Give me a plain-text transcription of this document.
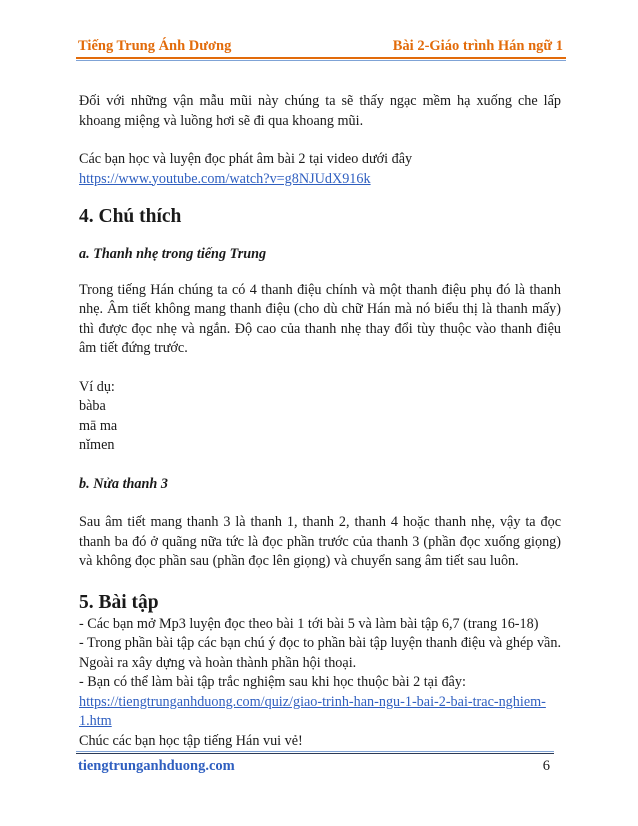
Tiếng Trung Ánh Dương	Bài 2-Giáo trình Hán ngữ 1

Đối với những vận mẫu mũi này chúng ta sẽ thấy ngạc mềm hạ xuống che lấp khoang miệng và luồng hơi sẽ đi qua khoang mũi.

Các bạn học và luyện đọc phát âm bài 2 tại video dưới đây

https://www.youtube.com/watch?v=g8NJUdX916k

4. Chú thích

a. Thanh nhẹ trong tiếng Trung

Trong tiếng Hán chúng ta có 4 thanh điệu chính và một thanh điệu phụ đó là thanh nhẹ. Âm tiết không mang thanh điệu (cho dù chữ Hán mà nó biểu thị là thanh mấy) thì được đọc nhẹ và ngắn. Độ cao của thanh nhẹ thay đổi tùy thuộc vào thanh điệu âm tiết đứng trước.

Ví dụ:

bàba

mā ma

nǐmen

b. Nửa thanh 3

Sau âm tiết mang thanh 3 là thanh 1, thanh 2, thanh 4 hoặc thanh nhẹ, vậy ta đọc thanh ba đó ở quãng nữa tức là đọc phần trước của thanh 3 (phần đọc xuống giọng) và không đọc phần sau (phần đọc lên giọng) và chuyển sang âm tiết sau luôn.

5. Bài tập

- Các bạn mở Mp3 luyện đọc theo bài 1 tới bài 5 và làm bài tập 6,7 (trang 16-18)

- Trong phần bài tập các bạn chú ý đọc to phần bài tập luyện thanh điệu và ghép vần. Ngoài ra xây dựng và hoàn thành phần hội thoại.

- Bạn có thể làm bài tập trắc nghiệm sau khi học thuộc bài 2 tại đây:

https://tiengtrunganhduong.com/quiz/giao-trinh-han-ngu-1-bai-2-bai-trac-nghiem-1.htm

Chúc các bạn học tập tiếng Hán vui vẻ!

tiengtrunganhduong.com	6
